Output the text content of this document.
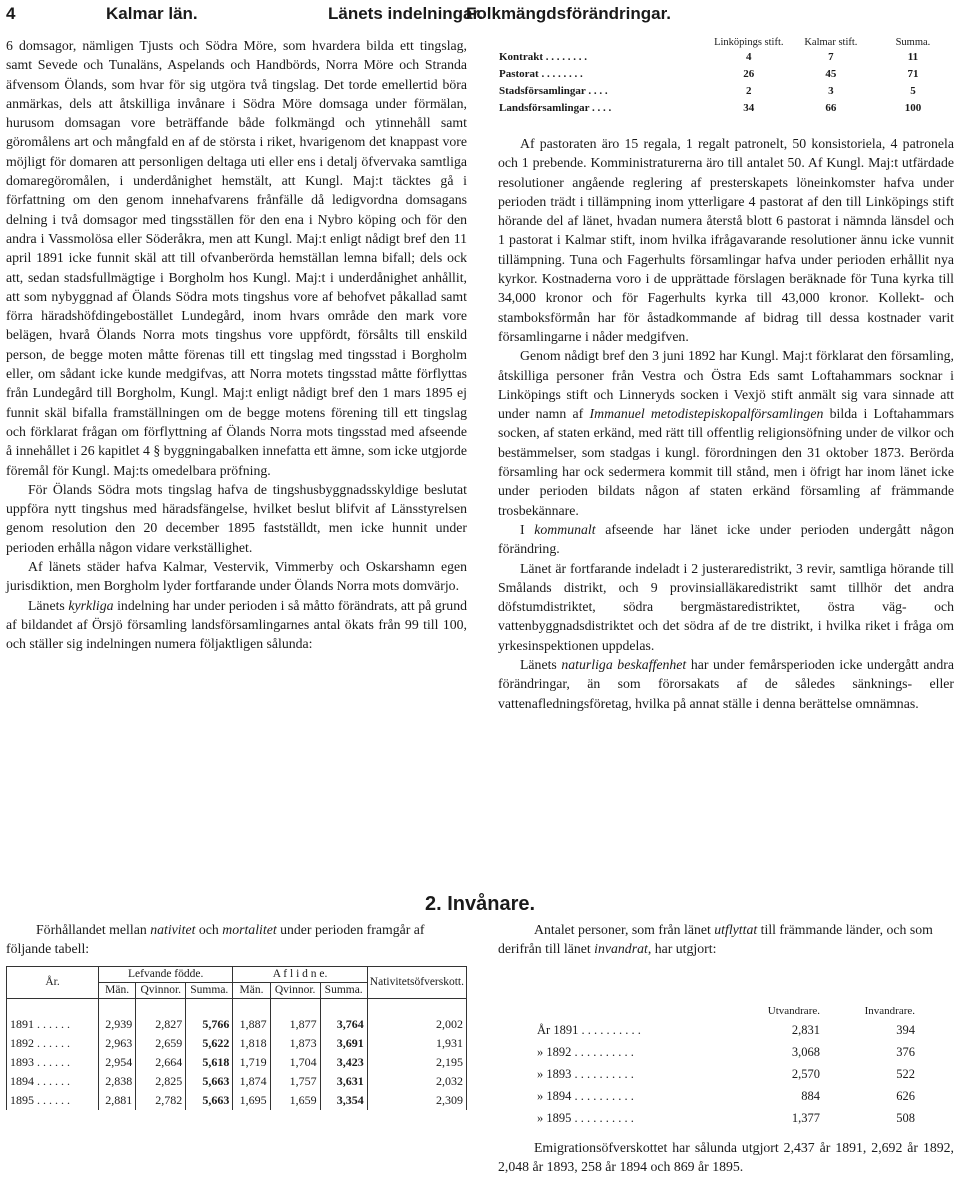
4	Kalmar län.	Länets indelningar.
Folkmängdsförändringar.

6 domsagor, nämligen Tjusts och Södra Möre, som hvardera bilda ett tingslag, samt Sevede och Tunaläns, Aspelands och Handbörds, Norra Möre och Stranda äfvensom Ölands, som hvar för sig utgöra två tingslag. Det torde emellertid böra anmärkas, dels att åtskilliga invånare i Södra Möre domsaga under förmälan, hurusom domsagan vore beträffande både folkmängd och ytinnehåll samt göromålens art och mångfald en af de största i riket, hvarigenom det knappast vore möjligt för domaren att personligen deltaga uti eller ens i detalj öfvervaka samtliga domaregöromålen, i underdånighet hemstält, att Kungl. Maj:t täcktes gå i författning om den genom innehafvarens frånfälle då ledigvordna domsagans delning i två domsagor med tingsställen för den ena i Nybro köping och för den andra i Vassmolösa eller Söderåkra, men att Kungl. Maj:t enligt nådigt bref den 11 april 1891 icke funnit skäl att till ofvanberörda hemställan lemna bifall; dels ock att, sedan stadsfullmägtige i Borgholm hos Kungl. Maj:t i underdånighet anhållit, att som nybyggnad af Ölands Södra mots tingshus vore af behofvet påkallad samt förra häradshöfdingebostället Lundegård, inom hvars område den mark vore belägen, hvarå Ölands Norra mots tingshus vore uppfördt, försålts till enskild person, de begge moten måtte förenas till ett tingslag med tingsstad i Borgholm eller, om sådant icke kunde medgifvas, att Norra motets tingsstad måtte förflyttas från Lundegård till Borgholm, Kungl. Maj:t enligt nådigt bref den 1 mars 1895 ej funnit skäl bifalla framställningen om de begge motens förening till ett tingslag och förklarat frågan om förflyttning af Ölands Norra mots tingsstad med afseende å innehållet i 26 kapitlet 4 § byggningabalken innefatta ett ämne, som icke utgjorde föremål för Kungl. Maj:ts omedelbara pröfning.

För Ölands Södra mots tingslag hafva de tingshusbyggnadsskyldige beslutat uppföra nytt tingshus med häradsfängelse, hvilket beslut blifvit af Länsstyrelsen genom resolution den 20 december 1895 fastställdt, men icke hunnit under perioden erhålla någon vidare verkställighet.

Af länets städer hafva Kalmar, Vestervik, Vimmerby och Oskarshamn egen jurisdiktion, men Borgholm lyder fortfarande under Ölands Norra mots domvärjo.

Länets kyrkliga indelning har under perioden i så måtto förändrats, att på grund af bildandet af Örsjö församling landsförsamlingarnes antal ökats från 99 till 100, och ställer sig indelningen numera följaktligen sålunda:

	Linköpings stift.	Kalmar stift.	Summa.
Kontrakt . . . . . . . .	4	7	11
Pastorat . . . . . . . .	26	45	71
Stadsförsamlingar . . . .	2	3	5
Landsförsamlingar . . . .	34	66	100

Af pastoraten äro 15 regala, 1 regalt patronelt, 50 konsistoriela, 4 patronela och 1 prebende. Komministraturerna äro till antalet 50. Af Kungl. Maj:t utfärdade resolutioner angående reglering af presterskapets löneinkomster hafva under perioden trädt i tillämpning inom ytterligare 4 pastorat af den till Linköpings stift hörande del af länet, hvadan numera återstå blott 6 pastorat i nämnda länsdel och 1 pastorat i Kalmar stift, inom hvilka ifrågavarande resolutioner ännu icke vunnit tillämpning. Tuna och Fagerhults församlingar hafva under perioden erhållit nya kyrkor. Kostnaderna voro i de upprättade förslagen beräknade för Tuna kyrka till 34,000 kronor och för Fagerhults kyrka till 43,000 kronor. Kollekt- och stamboksförmån har för åstadkommande af bidrag till dessa kostnader varit församlingarne i nåder medgifven.

Genom nådigt bref den 3 juni 1892 har Kungl. Maj:t förklarat den församling, åtskilliga personer från Vestra och Östra Eds samt Loftahammars socknar i Linköpings stift och Linneryds socken i Vexjö stift anmält sig vara sinnade att under namn af Immanuel metodistepiskopalförsamlingen bilda i Loftahammars socken, af staten erkänd, med rätt till offentlig religionsöfning under de vilkor och bestämmelser, som stadgas i kungl. förordningen den 31 oktober 1873. Berörda församling har ock sedermera kommit till stånd, men i öfrigt har inom länet icke under perioden bildats någon af staten erkänd församling af främmande trosbekännare.

I kommunalt afseende har länet icke under perioden undergått någon förändring.

Länet är fortfarande indeladt i 2 justeraredistrikt, 3 revir, samtliga hörande till Smålands distrikt, och 9 provinsialläkaredistrikt samt tillhör det andra döfstumdistriktet, södra bergmästaredistriktet, östra väg- och vattenbyggnadsdistriktet och det södra af de tre distrikt, i hvilka riket i fråga om yrkesinspektionen uppdelas.

Länets naturliga beskaffenhet har under femårsperioden icke undergått andra förändringar, än som förorsakats af de således sänknings- eller vattenafledningsföretag, hvilka på annat ställe i denna berättelse omnämnas.

2. Invånare.
Förhållandet mellan nativitet och mortalitet under perioden framgår af följande tabell:
Antalet personer, som från länet utflyttat till främmande länder, och som derifrån till länet invandrat, har utgjort:
År.	Lefvande födde.			A f l i d n e.			Nativitetsöfverskott.
	Män.	Qvinnor.	Summa.	Män.	Qvinnor.	Summa.	

1891 . . . . . .	2,939	2,827	5,766	1,887	1,877	3,764	2,002
1892 . . . . . .	2,963	2,659	5,622	1,818	1,873	3,691	1,931
1893 . . . . . .	2,954	2,664	5,618	1,719	1,704	3,423	2,195
1894 . . . . . .	2,838	2,825	5,663	1,874	1,757	3,631	2,032
1895 . . . . . .	2,881	2,782	5,663	1,695	1,659	3,354	2,309
	Utvandrare.	Invandrare.
År 1891 . . . . . . . . . .	2,831	394
» 1892 . . . . . . . . . .	3,068	376
» 1893 . . . . . . . . . .	2,570	522
» 1894 . . . . . . . . . .	884	626
» 1895 . . . . . . . . . .	1,377	508
Emigrationsöfverskottet har sålunda utgjort 2,437 år 1891, 2,692 år 1892, 2,048 år 1893, 258 år 1894 och 869 år 1895.
